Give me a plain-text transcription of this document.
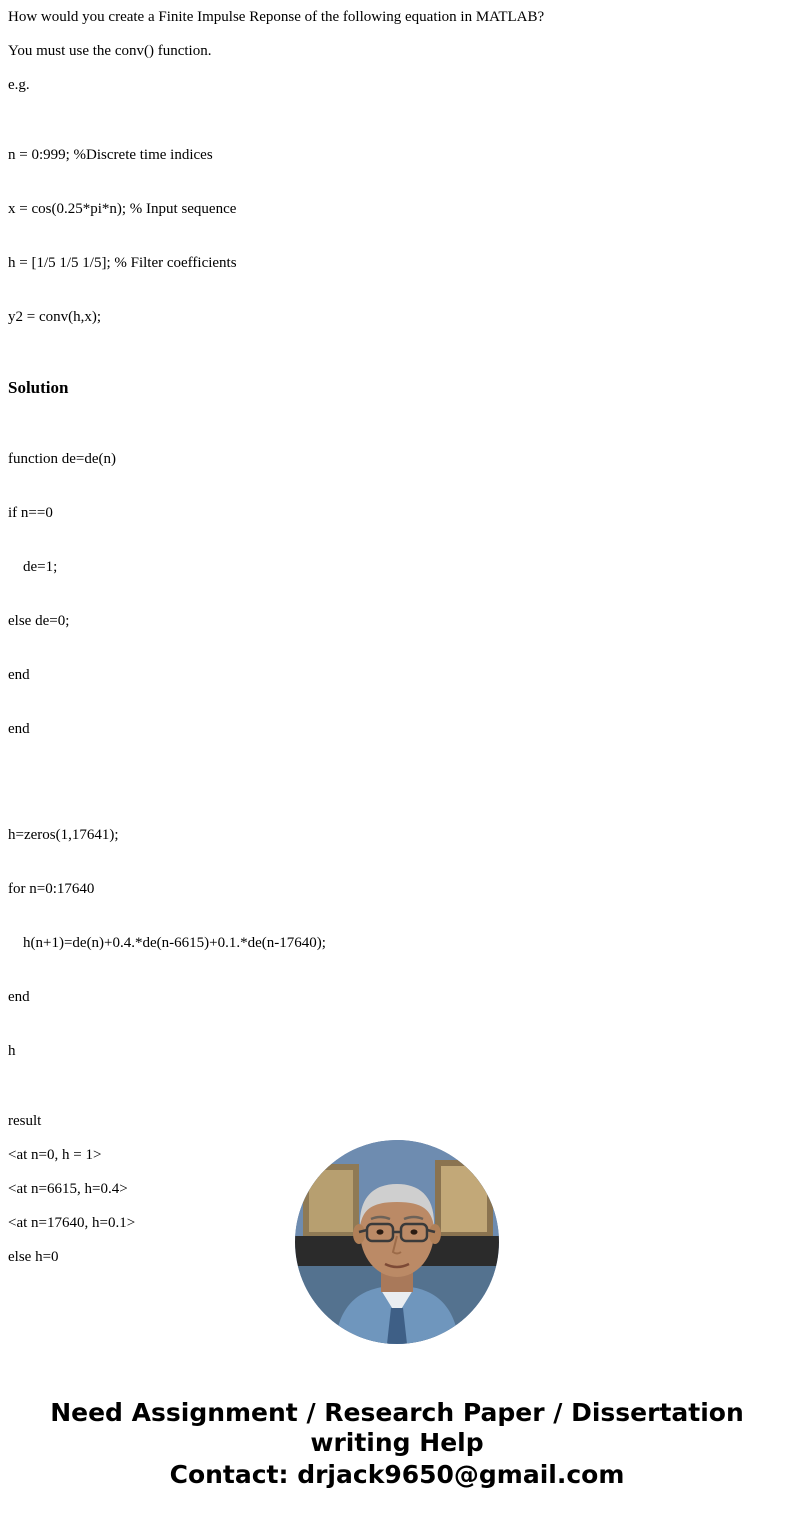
How would you create a Finite Impulse Reponse of the following equation in MATLAB?
You must use the conv() function.
e.g.

n = 0:999; %Discrete time indices

x = cos(0.25*pi*n); % Input sequence

h = [1/5 1/5 1/5]; % Filter coefficients

y2 = conv(h,x);

Solution

function de=de(n)

if n==0

de=1;

else de=0;

end

end

h=zeros(1,17641);

for n=0:17640

h(n+1)=de(n)+0.4.*de(n-6615)+0.1.*de(n-17640);

end

h

result
<at n=0, h = 1>
<at n=6615, h=0.4>
<at n=17640, h=0.1>
else h=0
Need Assignment / Research Paper / Dissertation
writing Help
Contact: drjack9650@gmail.com
